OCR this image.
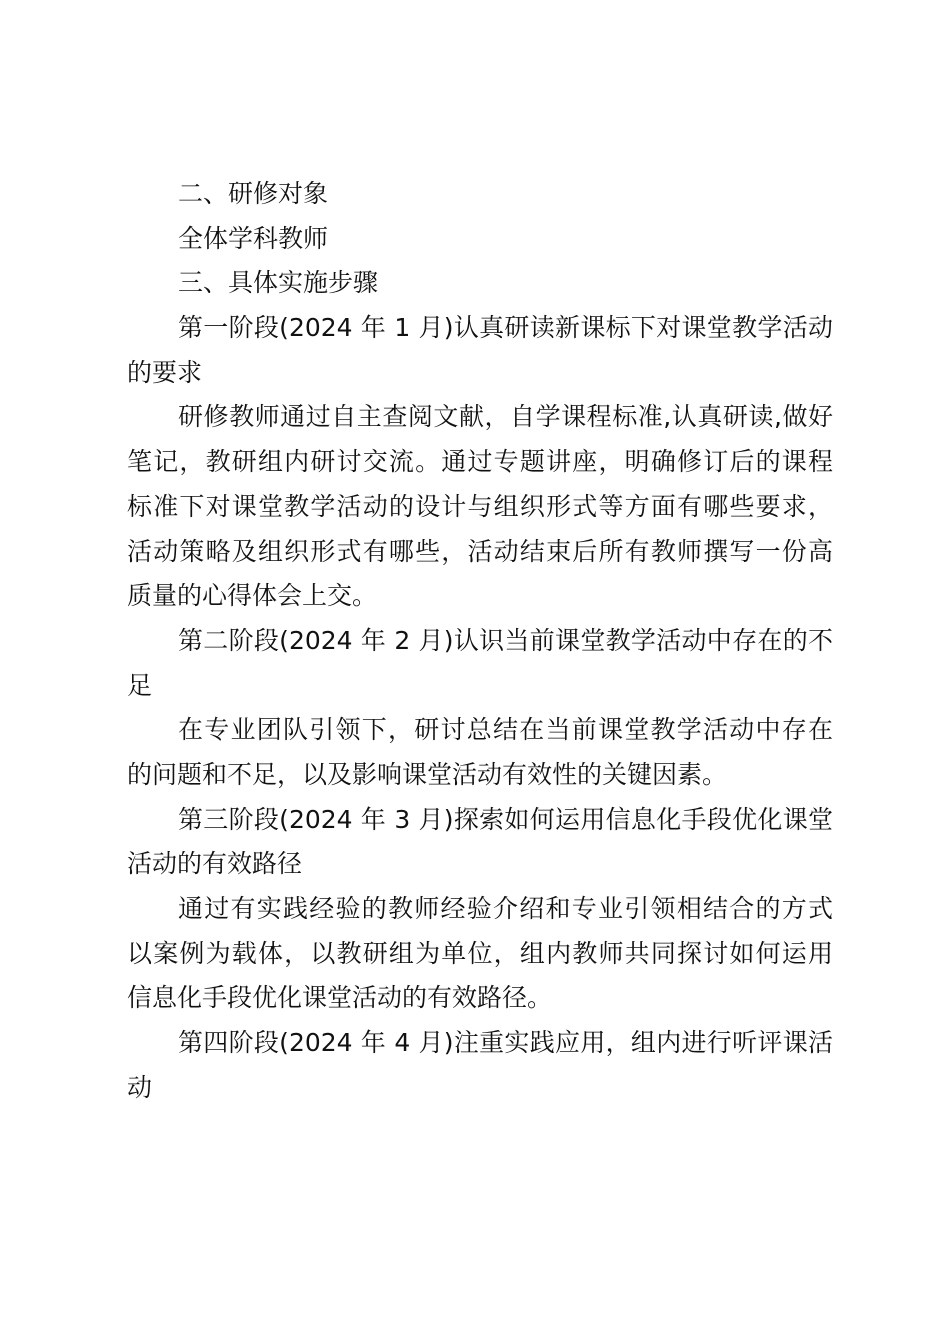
二、研修对象
全体学科教师
三、具体实施步骤
第一阶段(2024 年 1 月)认真研读新课标下对课堂教学活动
的要求
研修教师通过自主查阅文献，自学课程标准,认真研读,做好
笔记，教研组内研讨交流。通过专题讲座，明确修订后的课程
标准下对课堂教学活动的设计与组织形式等方面有哪些要求，
活动策略及组织形式有哪些，活动结束后所有教师撰写一份高
质量的心得体会上交。
第二阶段(2024 年 2 月)认识当前课堂教学活动中存在的不
足
在专业团队引领下，研讨总结在当前课堂教学活动中存在
的问题和不足，以及影响课堂活动有效性的关键因素。
第三阶段(2024 年 3 月)探索如何运用信息化手段优化课堂
活动的有效路径
通过有实践经验的教师经验介绍和专业引领相结合的方式
以案例为载体，以教研组为单位，组内教师共同探讨如何运用
信息化手段优化课堂活动的有效路径。
第四阶段(2024 年 4 月)注重实践应用，组内进行听评课活
动
